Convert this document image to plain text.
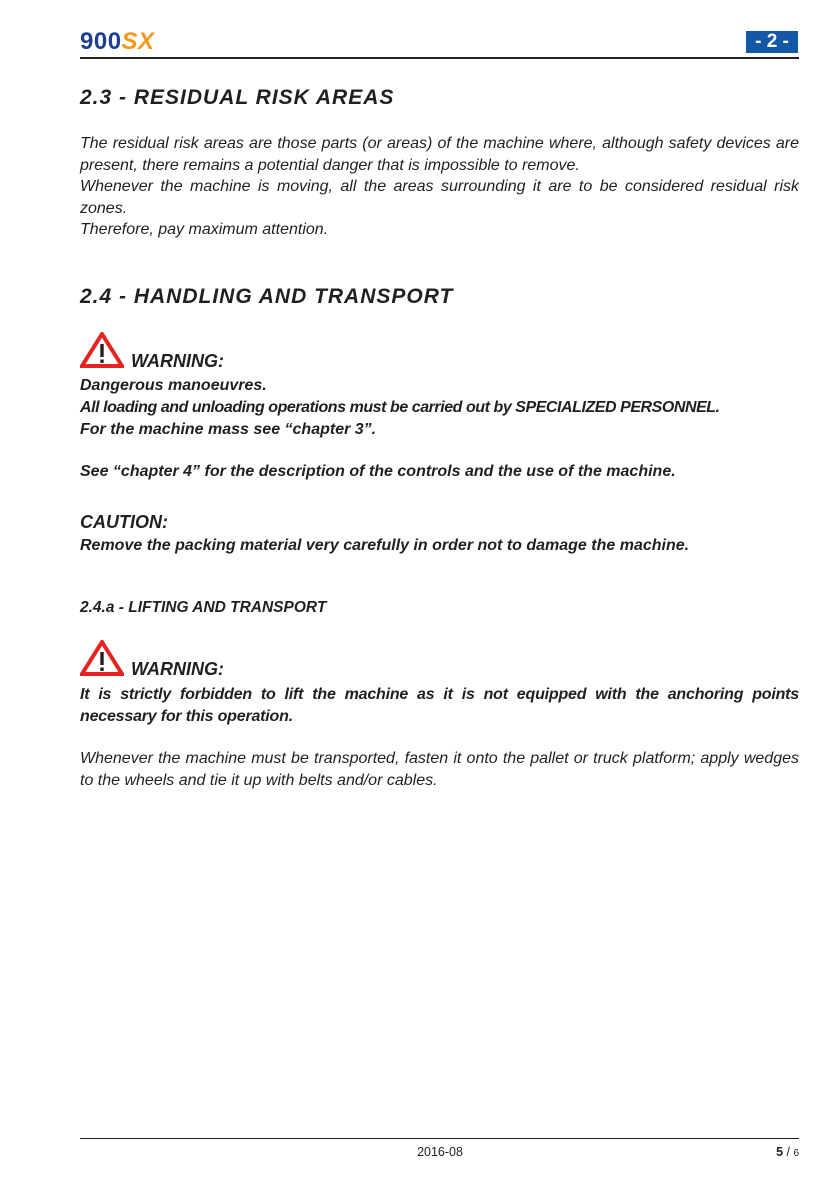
900SX	- 2 -
2.3 - RESIDUAL RISK AREAS

The residual risk areas are those parts (or areas) of the machine where, although safety devices are present, there remains a potential danger that is impossible to remove.

Whenever the machine is moving, all the areas surrounding it are to be considered residual risk zones.

Therefore, pay maximum attention.

2.4 - HANDLING AND TRANSPORT
WARNING:
Dangerous manoeuvres.
All loading and unloading operations must be carried out by SPECIALIZED PERSONNEL.
For the machine mass see “chapter 3”.
See “chapter 4” for the description of the controls and the use of the machine.
CAUTION:
Remove the packing material very carefully in order not to damage the machine.
2.4.a - LIFTING AND TRANSPORT
WARNING:
It is strictly forbidden to lift the machine as it is not equipped with the anchoring points necessary for this operation.
Whenever the machine must be transported, fasten it onto the pallet or truck platform; apply wedges to the wheels and tie it up with belts and/or cables.
2016-08	5 / 6
